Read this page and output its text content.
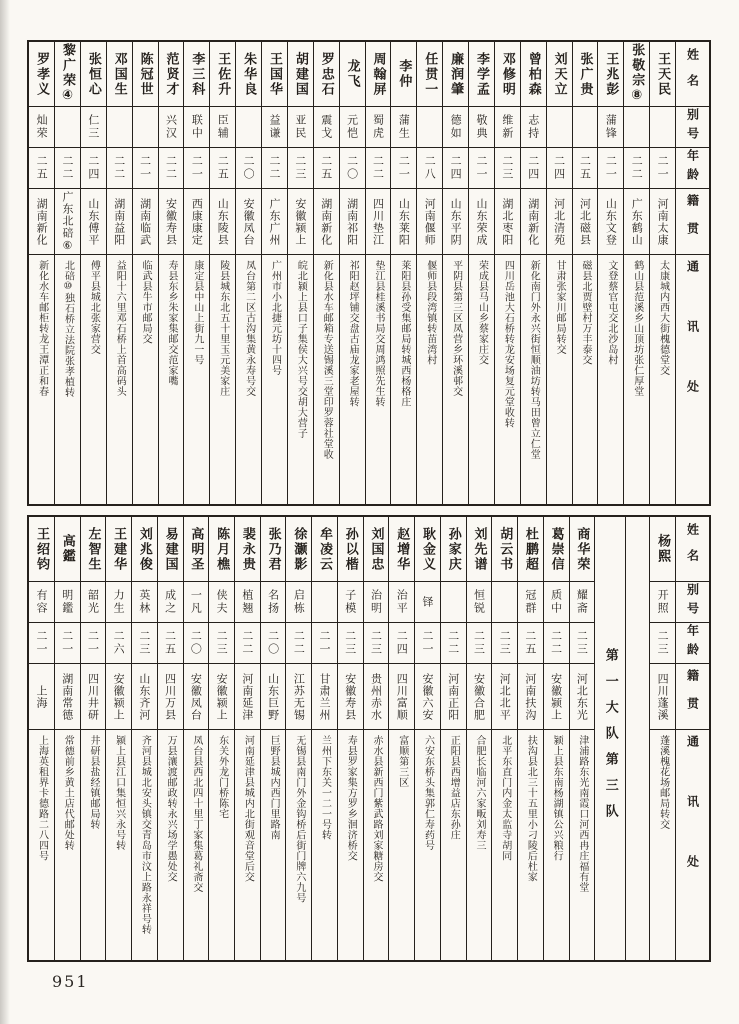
姓名
别号
年龄
籍贯
通讯处
王天民
二一
河南太康
太康城内西大街槐德堂交
张敬宗⑧
二二
广东鹤山
鹤山县范溪乡山顶坊张仁厚堂
王兆彭
蒲锋
二一
山东文登
文登蔡官屯交北沙岛村
张广贵
二五
河北磁县
磁县北贾壁村万丰泰交
刘天立
二四
河北清苑
甘肃张家川邮局转交
曾柏森
志持
二四
湖南新化
新化南门外永兴街恒顺油坊转马田曾立仁堂
邓修明
维新
二三
湖北枣阳
四川岳池大石桥转龙安场复元堂收转
李学孟
敬典
二一
山东荣成
荣成县马山乡蔡家庄交
廉润肇
德如
二四
山东平阴
平阴县第三区凤营乡环溪邨交
任贯一
二八
河南偃师
偃师县段湾镇转苗湾村
李仲
蒲生
二一
山东莱阳
莱阳县孙受集邮局转城西杨格庄
周翰屏
蜀虎
二二
四川垫江
垫江县桂溪书局交周鸿照先生转
龙飞
元恺
二〇
湖南祁阳
祁阳赵坪铺交盘古庙龙家老屋转
罗忠石
震戈
二五
湖南新化
新化县水车邮箱专送锡溪三堂印罗蓉社堂收
胡建国
亚民
二三
安徽颍上
皖北颍上县口子集侯大兴号交胡大营子
王国华
益谦
二二
广东广州
广州市小北捷元坊十四号
朱华良
二〇
安徽凤台
凤台第二区古沟集黄永寿号交
王佐升
臣辅
二五
山东陵县
陵县城东北五十里玉元美家庄
李三科
联中
二一
西康康定
康定县中山上街九一号
范贤才
兴汉
二二
安徽寿县
寿县东乡朱家集邮交范家嘴
陈冠世
二一
湖南临武
临武县牛市邮局交
邓国生
二二
湖南益阳
益阳十六里邓石桥上首高码头
张恒心
仁三
二四
山东傅平
傅平县城北张家营交
黎广荣④
二二
广东北碚⑥
北碚⑩独石桥立法院张孝植转
罗孝义
灿荣
二五
湖南新化
新化水车邮柜转龙王潭正和春
姓名
别号
年龄
籍贯
通讯处
杨熙
开照
二三
四川蓬溪
蓬溪槐花场邮局转交
第一大队第三队
商华荣
耀斋
二三
河北东光
津浦路东光南霞口河西冉庄福有堂
葛崇信
质中
二二
安徽颍上
颍上县东南杨湖镇公兴粮行
杜鹏超
冠群
二五
河南扶沟
扶沟县北三十五里小刁陵后杜家
胡云书
二三
河北北平
北平东直门内金太监寺胡同
刘先谱
恒锐
二三
安徽合肥
合肥长临河六家畈刘寿三
孙家庆
二二
河南正阳
正阳县西增益店东孙庄
耿金义
铎
二一
安徽六安
六安东桥头集郭仁寿药号
赵增华
治平
二四
四川富顺
富顺第三区
刘国忠
治明
二三
贵州赤水
赤水县新西门紫武路刘家糖房交
孙以楷
子模
二三
安徽寿县
寿县罗家集方罗乡洄济桥交
牟凌云
二一
甘肃兰州
兰州下东关一二一号转
徐灏影
启栋
二二
江苏无锡
无锡县南门外金钩桥后街门牌六九号
张乃君
名扬
二〇
山东巨野
巨野县城内西门里路南
裴永贵
植翘
二二
河南延津
河南延津县城内北街观音堂后交
陈月樵
侠夫
二三
安徽颍上
东关外龙门桥陈宅
高明圣
一凡
二〇
安徽凤台
凤台县西北四十里丁家集葛礼斋交
易建国
成之
二五
四川万县
万县瀼渡邮政转永兴场学愚处交
刘兆俊
英林
二三
山东齐河
齐河县城北安头镇交青岛市汶上路永祥号转
王建华
力生
二六
安徽颍上
颍上县江口集恒兴永号转
左智生
韶光
二一
四川井研
井研县盐经镇邮局转
高鑑
明鑑
二一
湖南常德
常德前乡黄土店代邮处转
王绍钧
有容
二一
上海
上海英租界卡德路二八四号
951
